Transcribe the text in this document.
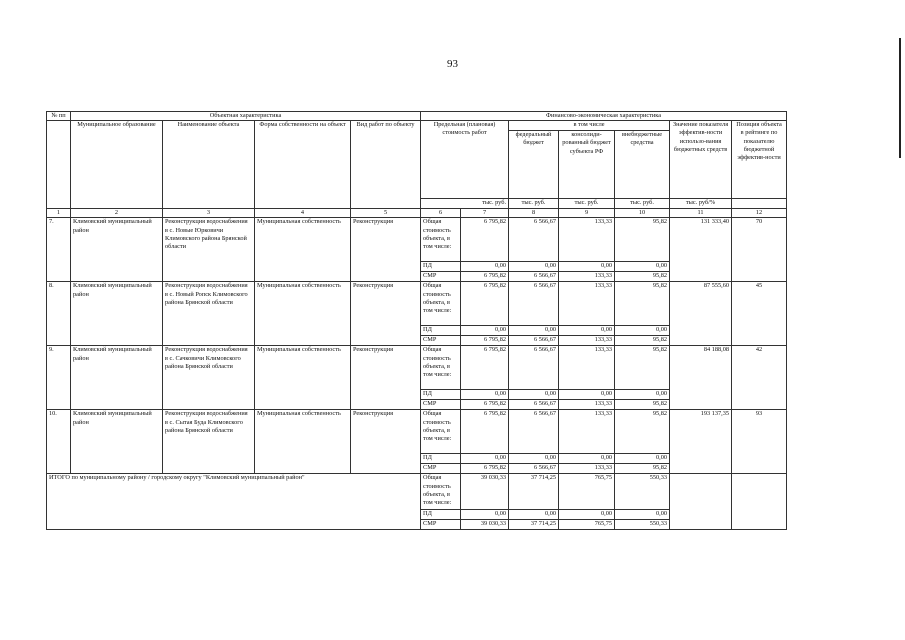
93
№ пп	Объектная характеристика				Финансово-экономическая характеристика						
	Муниципальное образование	Наименование объекта	Форма собственности на объект	Вид работ по объекту	Предельная (плановая) стоимость работ		в том числе			Значение показателя эффектив-ности использо-вания бюджетных средств	Позиция объекта в рейтинге по показателю бюджетной эффектив-ности
							федеральный бюджет	консолиди-рованный бюджет субъекта РФ	внебюджетные средства		
					тыс. руб.		тыс. руб.	тыс. руб.	тыс. руб.	тыс. руб/%	
1	2	3	4	5	6	7	8	9	10	11	12
7.	Климовский муниципальный район	Реконструкция водоснабжения в с. Новые Юрковичи Климовского района Брянской области	Муниципальная собственность	Реконструкция	Общая стоимость объекта, в том числе:	6 795,82	6 566,67	133,33	95,82	131 333,40	70
					ПД	0,00	0,00	0,00	0,00		
					СМР	6 795,82	6 566,67	133,33	95,82		
8.	Климовский муниципальный район	Реконструкция водоснабжения в с. Новый Ропск Климовского района Брянской области	Муниципальная собственность	Реконструкция	Общая стоимость объекта, в том числе:	6 795,82	6 566,67	133,33	95,82	87 555,60	45
					ПД	0,00	0,00	0,00	0,00		
					СМР	6 795,82	6 566,67	133,33	95,82		
9.	Климовский муниципальный район	Реконструкция водоснабжения в с. Сачковичи Климовского района Брянской области	Муниципальная собственность	Реконструкция	Общая стоимость объекта, в том числе:	6 795,82	6 566,67	133,33	95,82	84 188,08	42
					ПД	0,00	0,00	0,00	0,00		
					СМР	6 795,82	6 566,67	133,33	95,82		
10.	Климовский муниципальный район	Реконструкция водоснабжения в с. Сытая Буда Климовского района Брянской области	Муниципальная собственность	Реконструкция	Общая стоимость объекта, в том числе:	6 795,82	6 566,67	133,33	95,82	193 137,35	93
					ПД	0,00	0,00	0,00	0,00		
					СМР	6 795,82	6 566,67	133,33	95,82		
ИТОГО по муниципальному району / городскому округу "Климовский муниципальный район"					Общая стоимость объекта, в том числе:	39 030,33	37 714,25	765,75	550,33		
					ПД	0,00	0,00	0,00	0,00		
					СМР	39 030,33	37 714,25	765,75	550,33		
